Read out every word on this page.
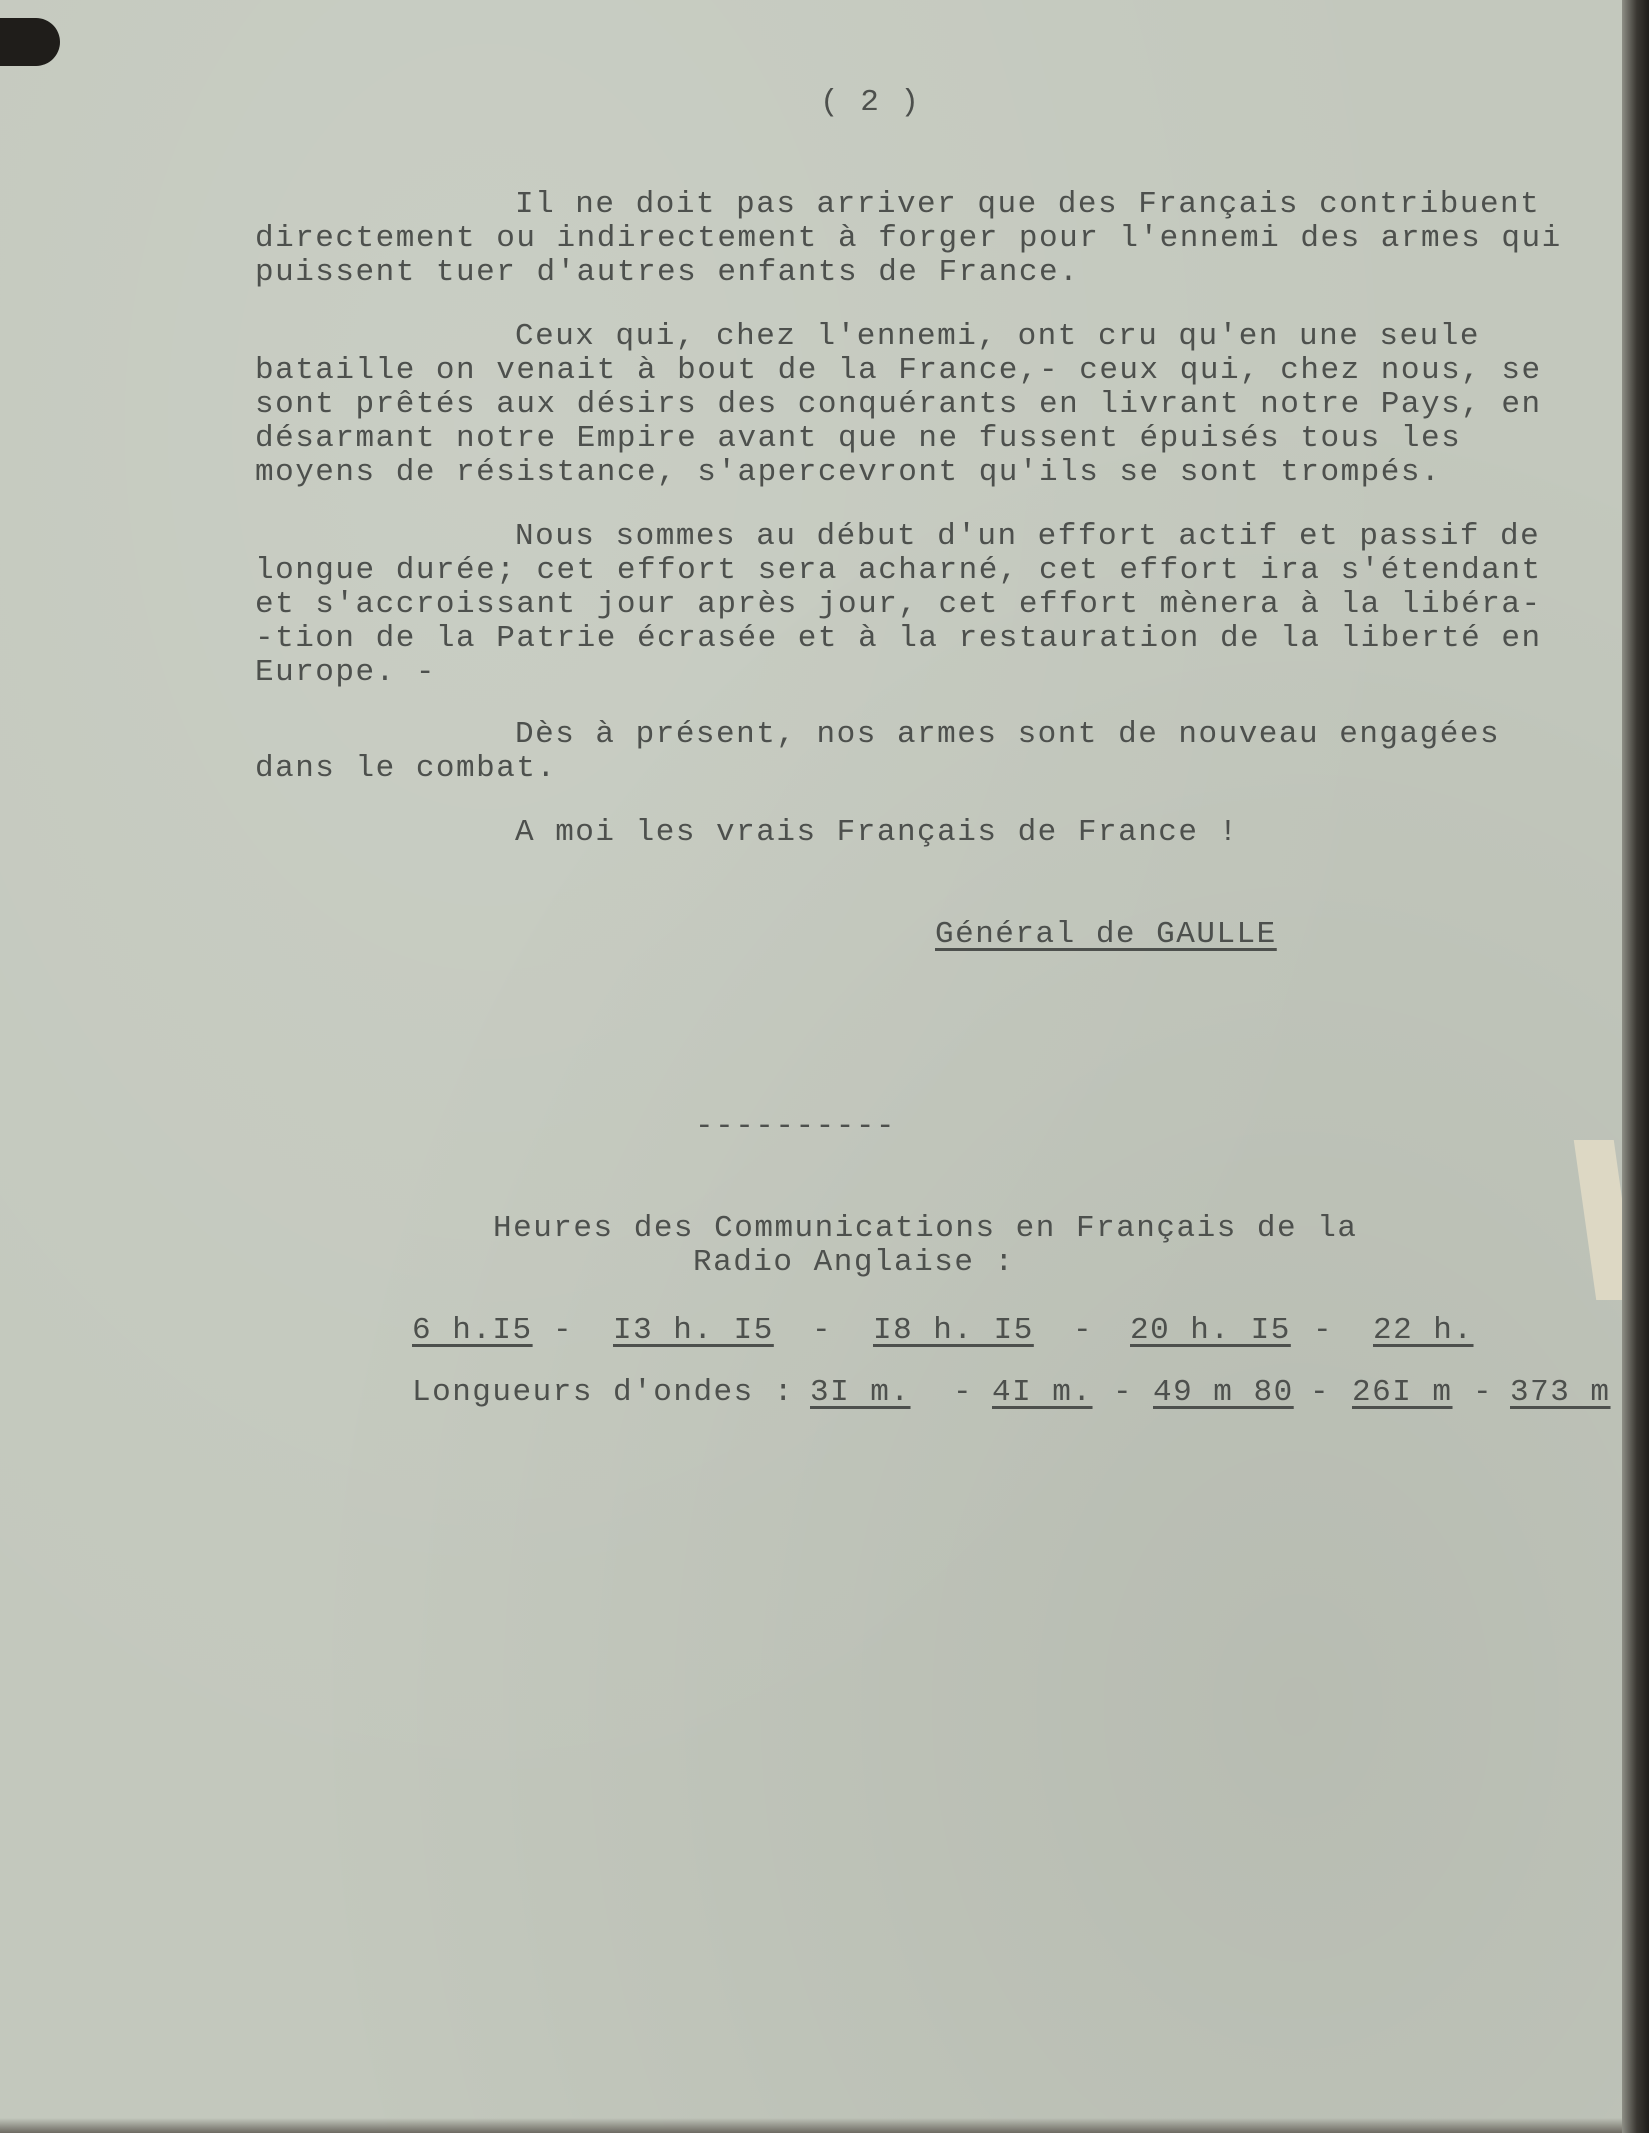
( 2 )
Il ne doit pas arriver que des Français contribuent
directement ou indirectement à forger pour l'ennemi des armes qui
puissent tuer d'autres enfants de France.
Ceux qui, chez l'ennemi, ont cru qu'en une seule
bataille on venait à bout de la France,- ceux qui, chez nous, se
sont prêtés aux désirs des conquérants en livrant notre Pays, en
désarmant notre Empire avant que ne fussent épuisés tous les
moyens de résistance, s'apercevront qu'ils se sont trompés.
Nous sommes au début d'un effort actif et passif de
longue durée; cet effort sera acharné, cet effort ira s'étendant
et s'accroissant jour après jour, cet effort mènera à la libéra-
-tion de la Patrie écrasée et à la restauration de la liberté en
Europe. -
Dès à présent, nos armes sont de nouveau engagées
dans le combat.
A moi les vrais Français de France !
Général de GAULLE
----------
Heures des Communications en Français de la
Radio Anglaise :
6 h.I5 - I3 h. I5 - I8 h. I5 - 20 h. I5 - 22 h.
Longueurs d'ondes : 3I m. - 4I m. - 49 m 80 - 26I m - 373 m
